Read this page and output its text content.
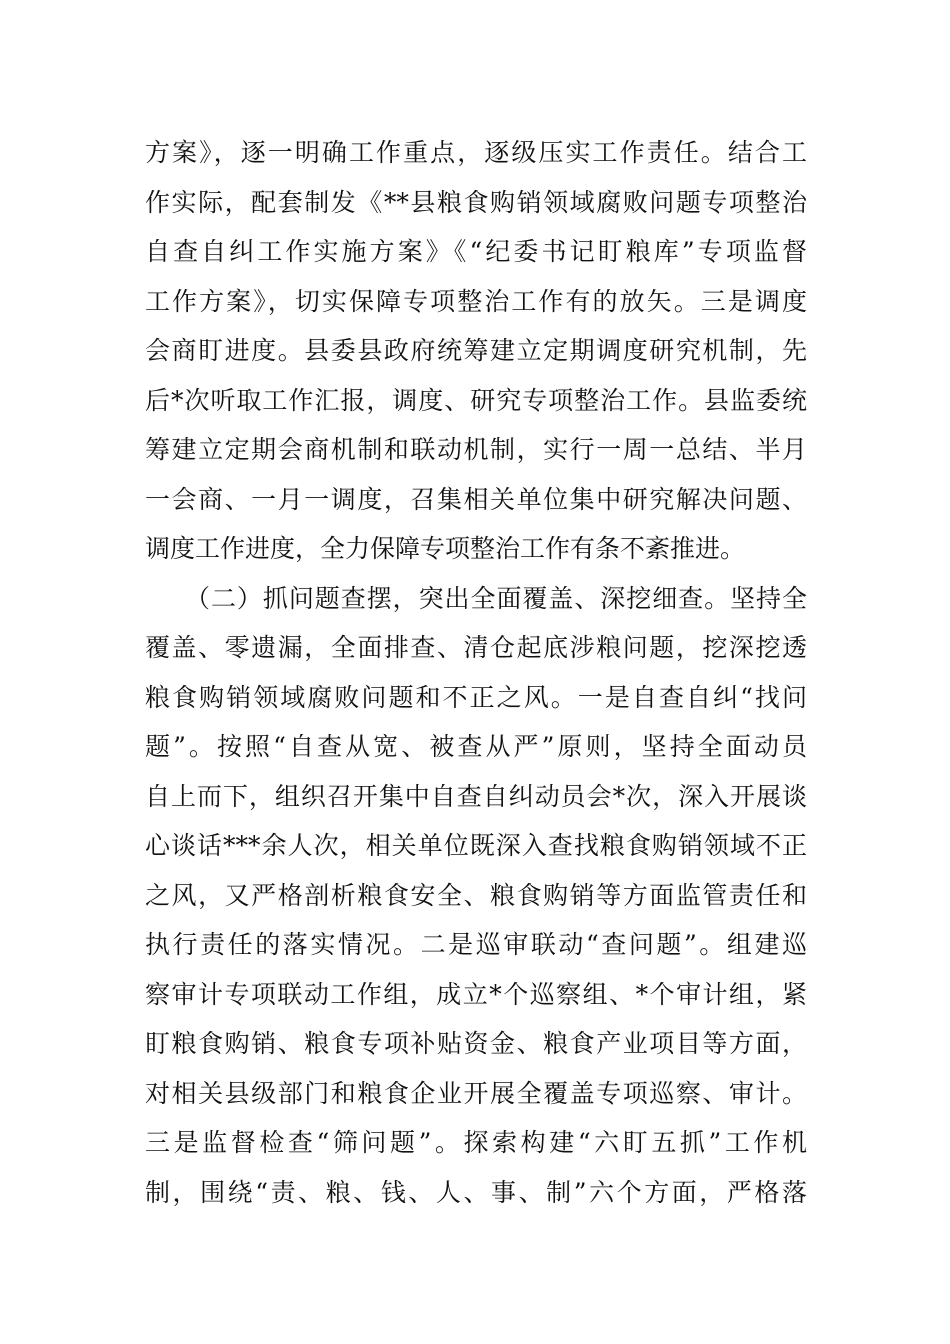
方案》，逐一明确工作重点，逐级压实工作责任。结合工
作实际，配套制发《**县粮食购销领域腐败问题专项整治
自查自纠工作实施方案》《“纪委书记盯粮库”专项监督
工作方案》，切实保障专项整治工作有的放矢。三是调度
会商盯进度。县委县政府统筹建立定期调度研究机制，先
后*次听取工作汇报，调度、研究专项整治工作。县监委统
筹建立定期会商机制和联动机制，实行一周一总结、半月
一会商、一月一调度，召集相关单位集中研究解决问题、
调度工作进度，全力保障专项整治工作有条不紊推进。
（二）抓问题查摆，突出全面覆盖、深挖细查。坚持全
覆盖、零遗漏，全面排查、清仓起底涉粮问题，挖深挖透
粮食购销领域腐败问题和不正之风。一是自查自纠“找问
题”。按照“自查从宽、被查从严”原则，坚持全面动员
自上而下，组织召开集中自查自纠动员会*次，深入开展谈
心谈话***余人次，相关单位既深入查找粮食购销领域不正
之风，又严格剖析粮食安全、粮食购销等方面监管责任和
执行责任的落实情况。二是巡审联动“查问题”。组建巡
察审计专项联动工作组，成立*个巡察组、*个审计组，紧
盯粮食购销、粮食专项补贴资金、粮食产业项目等方面，
对相关县级部门和粮食企业开展全覆盖专项巡察、审计。
三是监督检查“筛问题”。探索构建“六盯五抓”工作机
制，围绕“责、粮、钱、人、事、制”六个方面，严格落
